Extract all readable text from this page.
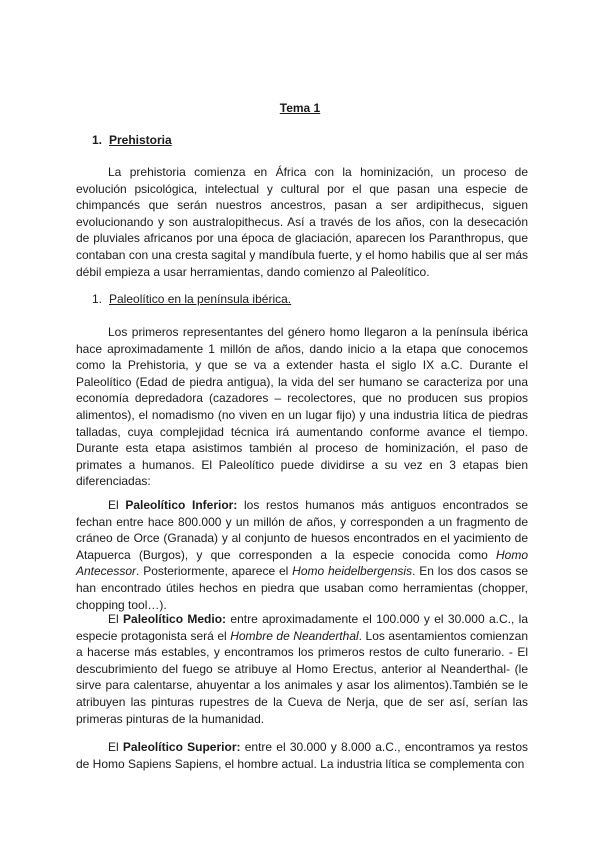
Tema 1
1. Prehistoria

La prehistoria comienza en África con la hominización, un proceso de evolución psicológica, intelectual y cultural por el que pasan una especie de chimpancés que serán nuestros ancestros, pasan a ser ardipithecus, siguen evolucionando y son australopithecus. Así a través de los años, con la desecación de pluviales africanos por una época de glaciación, aparecen los Paranthropus, que contaban con una cresta sagital y mandíbula fuerte, y el homo habilis que al ser más débil empieza a usar herramientas, dando comienzo al Paleolítico.

1. Paleolítico en la península ibérica.

Los primeros representantes del género homo llegaron a la península ibérica hace aproximadamente 1 millón de años, dando inicio a la etapa que conocemos como la Prehistoria, y que se va a extender hasta el siglo IX a.C. Durante el Paleolítico (Edad de piedra antigua), la vida del ser humano se caracteriza por una economía depredadora (cazadores – recolectores, que no producen sus propios alimentos), el nomadismo (no viven en un lugar fijo) y una industria lítica de piedras talladas, cuya complejidad técnica irá aumentando conforme avance el tiempo. Durante esta etapa asistimos también al proceso de hominización, el paso de primates a humanos. El Paleolítico puede dividirse a su vez en 3 etapas bien diferenciadas:

El Paleolítico Inferior: los restos humanos más antiguos encontrados se fechan entre hace 800.000 y un millón de años, y corresponden a un fragmento de cráneo de Orce (Granada) y al conjunto de huesos encontrados en el yacimiento de Atapuerca (Burgos), y que corresponden a la especie conocida como Homo Antecessor. Posteriormente, aparece el Homo heidelbergensis. En los dos casos se han encontrado útiles hechos en piedra que usaban como herramientas (chopper, chopping tool…).

El Paleolítico Medio: entre aproximadamente el 100.000 y el 30.000 a.C., la especie protagonista será el Hombre de Neanderthal. Los asentamientos comienzan a hacerse más estables, y encontramos los primeros restos de culto funerario. - El descubrimiento del fuego se atribuye al Homo Erectus, anterior al Neanderthal- (le sirve para calentarse, ahuyentar a los animales y asar los alimentos).También se le atribuyen las pinturas rupestres de la Cueva de Nerja, que de ser así, serían las primeras pinturas de la humanidad.

El Paleolítico Superior: entre el 30.000 y 8.000 a.C., encontramos ya restos de Homo Sapiens Sapiens, el hombre actual. La industria lítica se complementa con
